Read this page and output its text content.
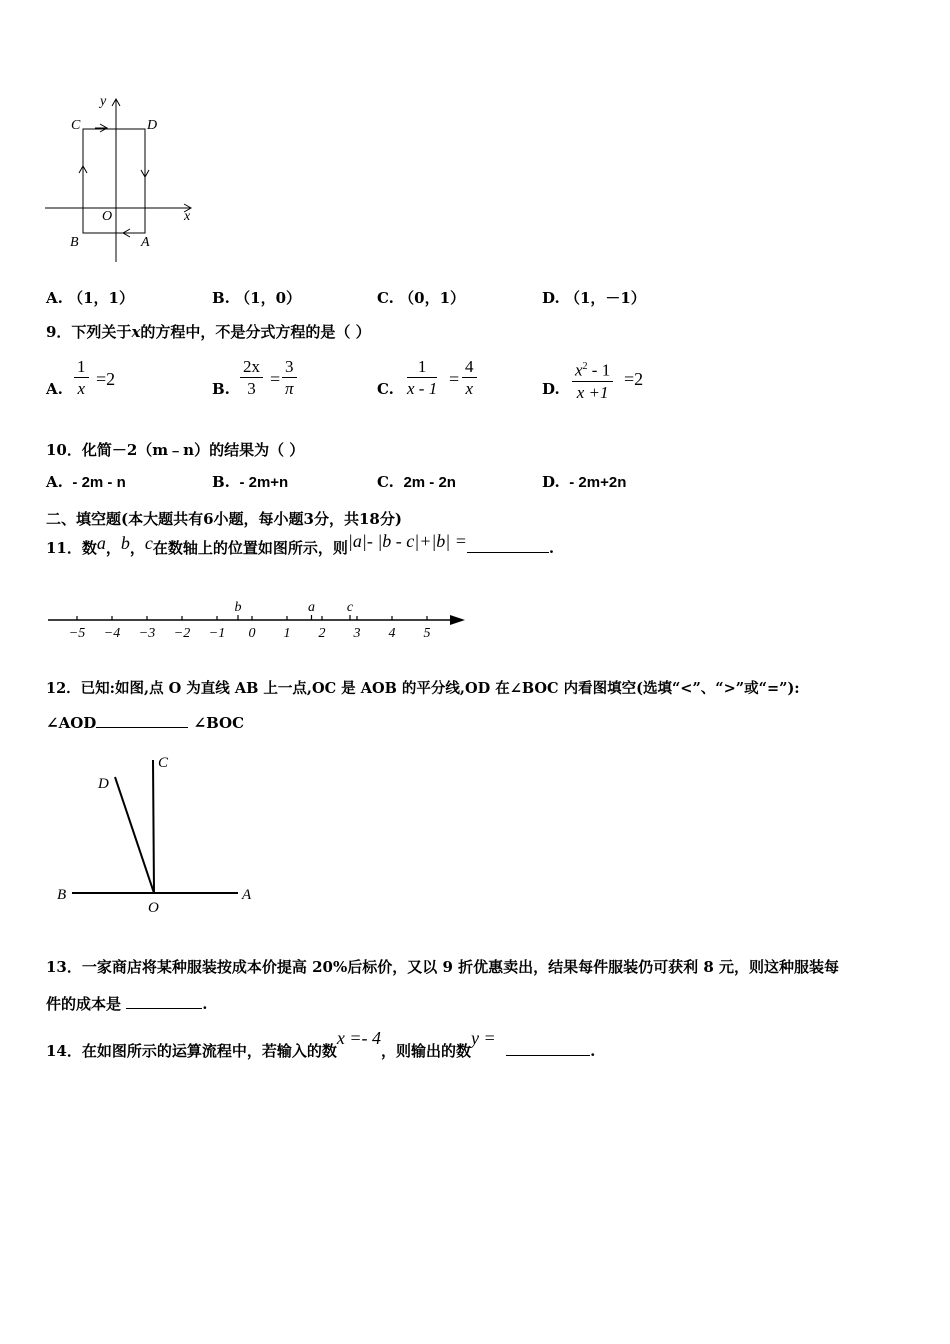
y
C	D
O	x
B	A
A. （1，1）	B. （1，0）	C. （0，1）	D. （1，－1）
9．下列关于x的方程中，不是分式方程的是（ ）
A. $\frac{1}{x} =2$	B. $\frac{2x}{3} = \frac{3}{\pi}$	C. $\frac{1}{x - 1} = \frac{4}{x}$	D. $\frac{x^2 - 1}{x +1} =2$
10．化简－2（m﹣n）的结果为（ ）
A. - 2m - n	B. - 2m+n	C. 2m - 2n	D. - 2m+2n
二、填空题(本大题共有6小题，每小题3分，共18分)
11．数a，b，c在数轴上的位置如图所示，则|a|- |b - c|+|b| =	.
−5 −4 −3 −2 −1 0 1 2 3 4 5
b	a c
12．已知:如图,点 O 为直线 AB 上一点,OC 是 AOB 的平分线,OD 在∠BOC 内看图填空(选填“<”、“>”或“=”):
∠AOD	∠BOC
C
D
B
O
A
13．一家商店将某种服装按成本价提高 20%后标价，又以 9 折优惠卖出，结果每件服装仍可获利 8 元，则这种服装每
件的成本是	.
14．在如图所示的运算流程中，若输入的数x =- 4，则输出的数y =  .
